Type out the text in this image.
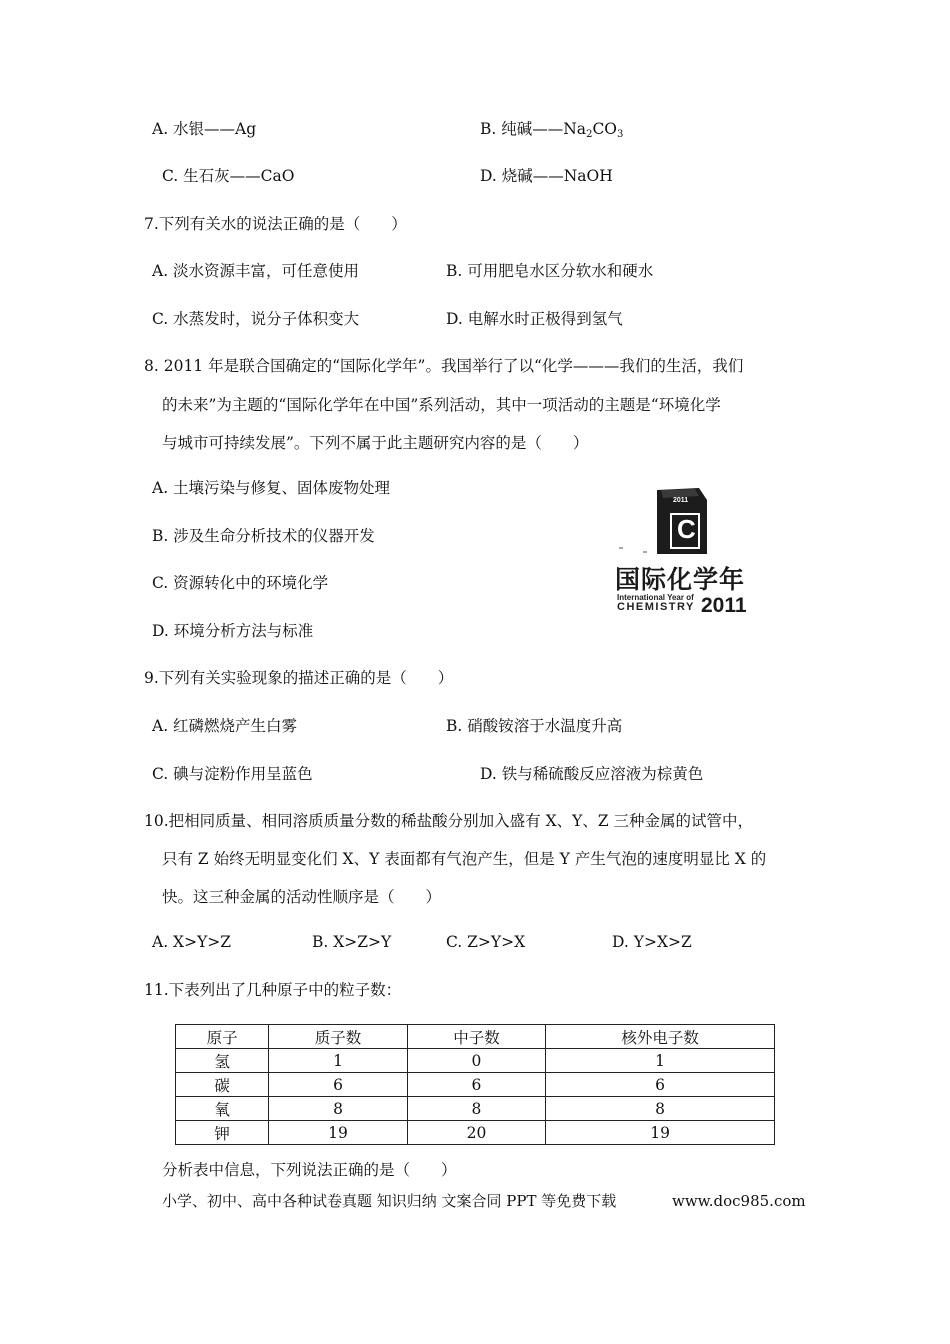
A. 水银——Ag	B. 纯碱$——Na_2CO_3$
C. 生石灰——CaO	D. 烧碱——NaOH
7.下列有关水的说法正确的是（　　）
A. 淡水资源丰富，可任意使用	B. 可用肥皂水区分软水和硬水
C. 水蒸发时，说分子体积变大	D. 电解水时正极得到氢气
8. 2011 年是联合国确定的“国际化学年”。我国举行了以“化学———我们的生活，我们
的未来”为主题的“国际化学年在中国”系列活动，其中一项活动的主题是“环境化学
与城市可持续发展”。下列不属于此主题研究内容的是（　　）
A. 土壤污染与修复、固体废物处理
B. 涉及生命分析技术的仪器开发
C. 资源转化中的环境化学
D. 环境分析方法与标准
2011
C
国际化学年
International Year of
CHEMISTRY 2011
9.下列有关实验现象的描述正确的是（　　）
A. 红磷燃烧产生白雾	B. 硝酸铵溶于水温度升高
C. 碘与淀粉作用呈蓝色	D. 铁与稀硫酸反应溶液为棕黄色
10.把相同质量、相同溶质质量分数的稀盐酸分别加入盛有 X、Y、Z 三种金属的试管中，
只有 Z 始终无明显变化们 X、Y 表面都有气泡产生，但是 Y 产生气泡的速度明显比 X 的
快。这三种金属的活动性顺序是（　　）
A. X>Y>Z	B. X>Z>Y	C. Z>Y>X	D. Y>X>Z
11.下表列出了几种原子中的粒子数：
原子	质子数	中子数	核外电子数
氢	1	0	1
碳	6	6	6
氧	8	8	8
钾	19	20	19
分析表中信息，下列说法正确的是（　　）
小学、初中、高中各种试卷真题 知识归纳 文案合同 PPT 等免费下载	www.doc985.com
